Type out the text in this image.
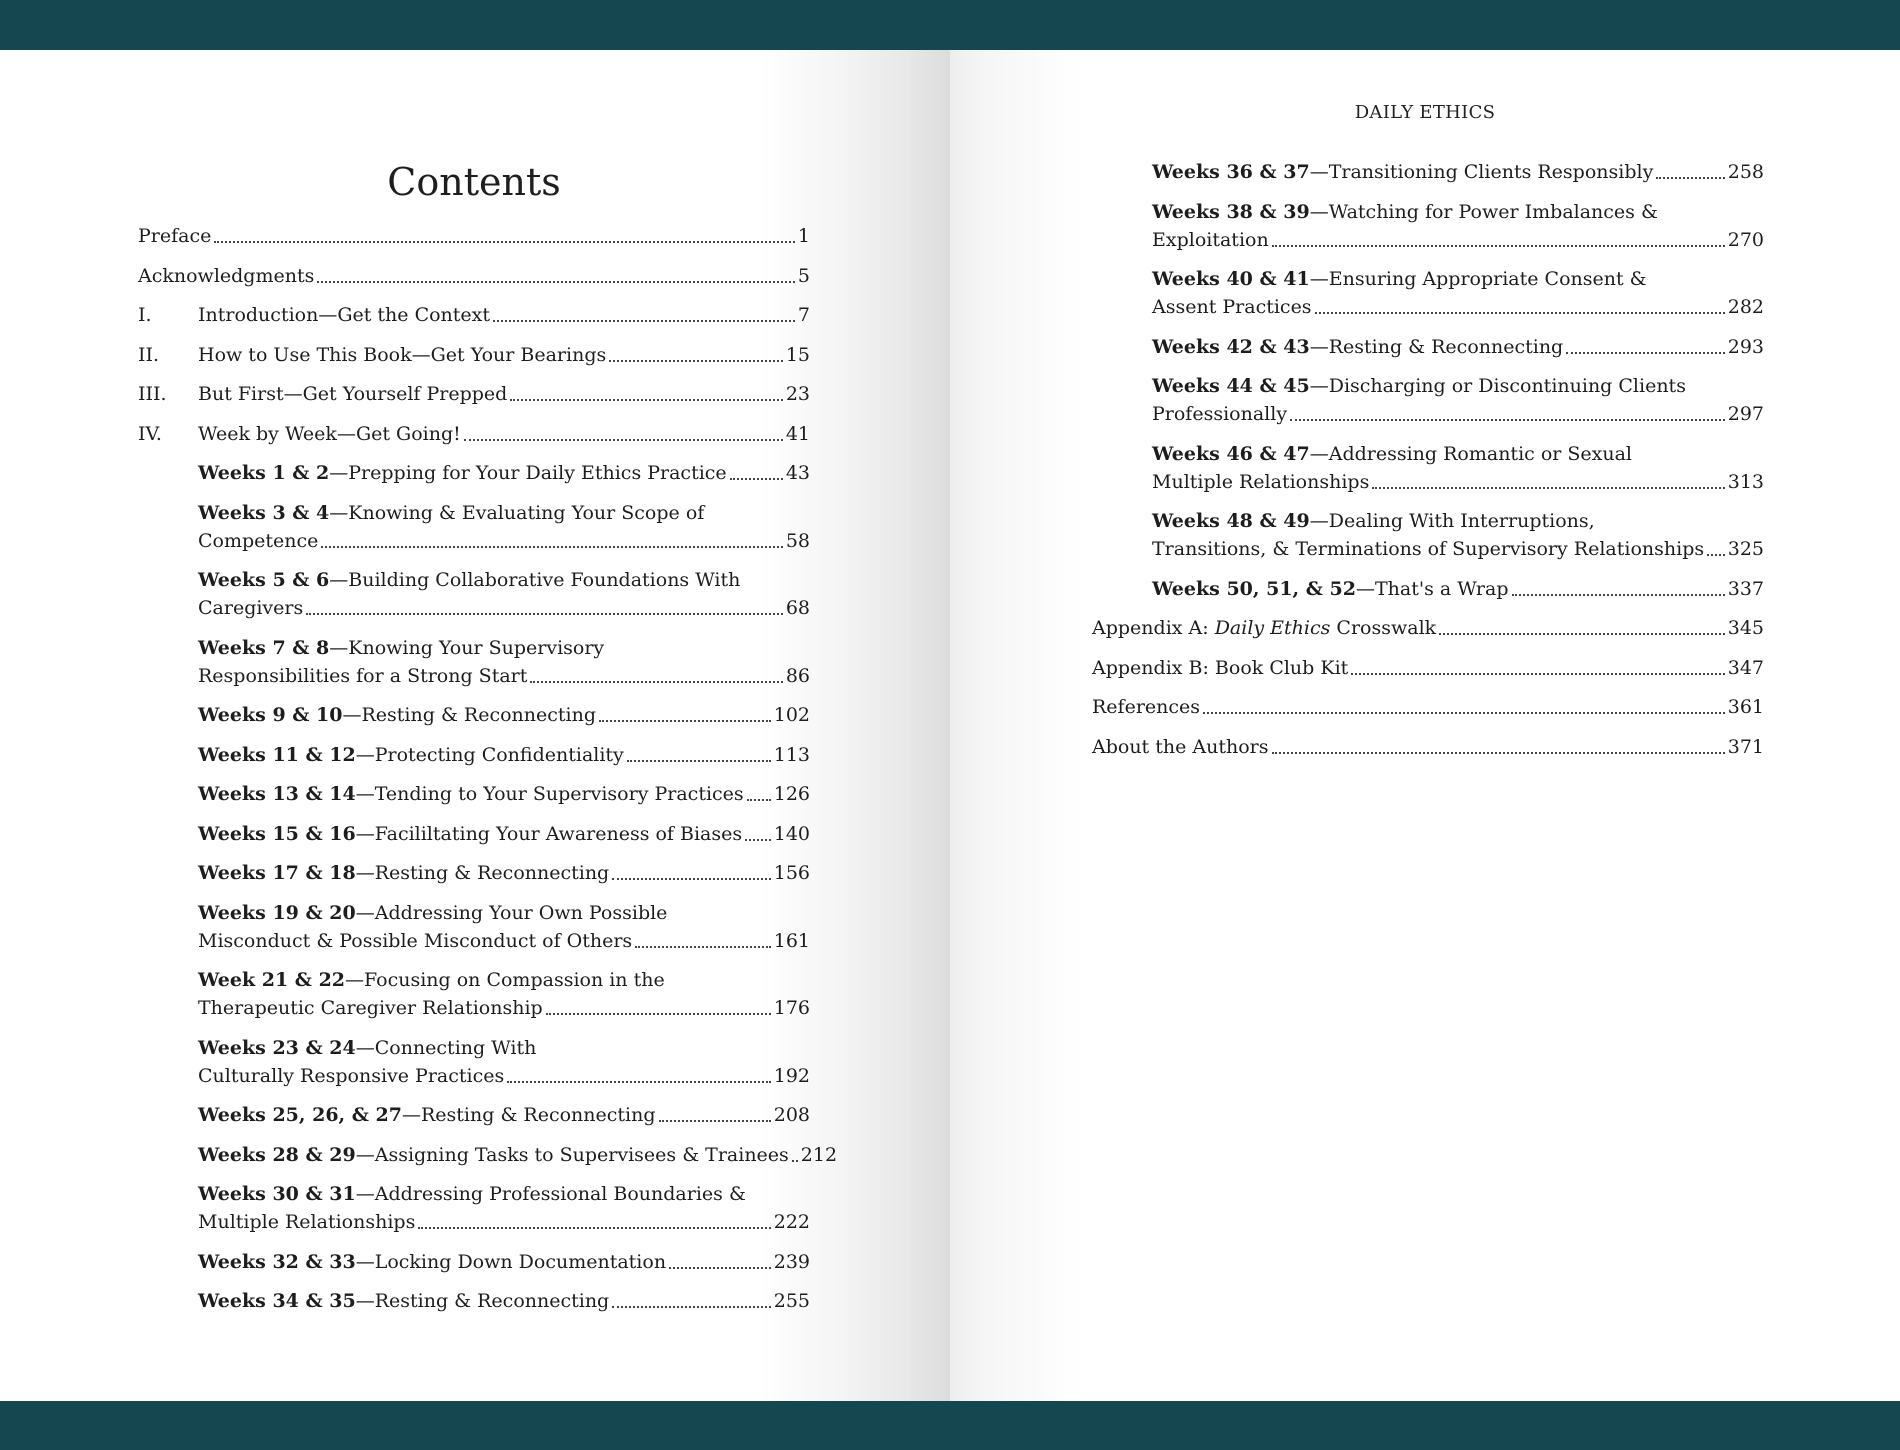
Contents
Preface	1
Acknowledgments	5
I.	Introduction—Get the Context	7
II.	How to Use This Book—Get Your Bearings	15
III.	But First—Get Yourself Prepped	23
IV.	Week by Week—Get Going!	41
Weeks 1 & 2—Prepping for Your Daily Ethics Practice	43
Weeks 3 & 4—Knowing & Evaluating Your Scope of
Competence	58
Weeks 5 & 6—Building Collaborative Foundations With
Caregivers	68
Weeks 7 & 8—Knowing Your Supervisory
Responsibilities for a Strong Start	86
Weeks 9 & 10—Resting & Reconnecting	102
Weeks 11 & 12—Protecting Confidentiality	113
Weeks 13 & 14—Tending to Your Supervisory Practices 126
Weeks 15 & 16—Facililtating Your Awareness of Biases 140
Weeks 17 & 18—Resting & Reconnecting	156
Weeks 19 & 20—Addressing Your Own Possible
Misconduct & Possible Misconduct of Others	161
Week 21 & 22—Focusing on Compassion in the
Therapeutic Caregiver Relationship	176
Weeks 23 & 24—Connecting With
Culturally Responsive Practices	192
Weeks 25, 26, & 27—Resting & Reconnecting	208
Weeks 28 & 29—Assigning Tasks to Supervisees & Trainees 212
Weeks 30 & 31—Addressing Professional Boundaries &
Multiple Relationships	222
Weeks 32 & 33—Locking Down Documentation	239
Weeks 34 & 35—Resting & Reconnecting	255
DAILY ETHICS
Weeks 36 & 37—Transitioning Clients Responsibly	258
Weeks 38 & 39—Watching for Power Imbalances &
Exploitation	270
Weeks 40 & 41—Ensuring Appropriate Consent &
Assent Practices	282
Weeks 42 & 43—Resting & Reconnecting	293
Weeks 44 & 45—Discharging or Discontinuing Clients
Professionally	297
Weeks 46 & 47—Addressing Romantic or Sexual
Multiple Relationships	313
Weeks 48 & 49—Dealing With Interruptions,
Transitions, & Terminations of Supervisory Relationships 325
Weeks 50, 51, & 52—That's a Wrap	337
Appendix A: Daily Ethics Crosswalk	345
Appendix B: Book Club Kit	347
References	361
About the Authors	371
